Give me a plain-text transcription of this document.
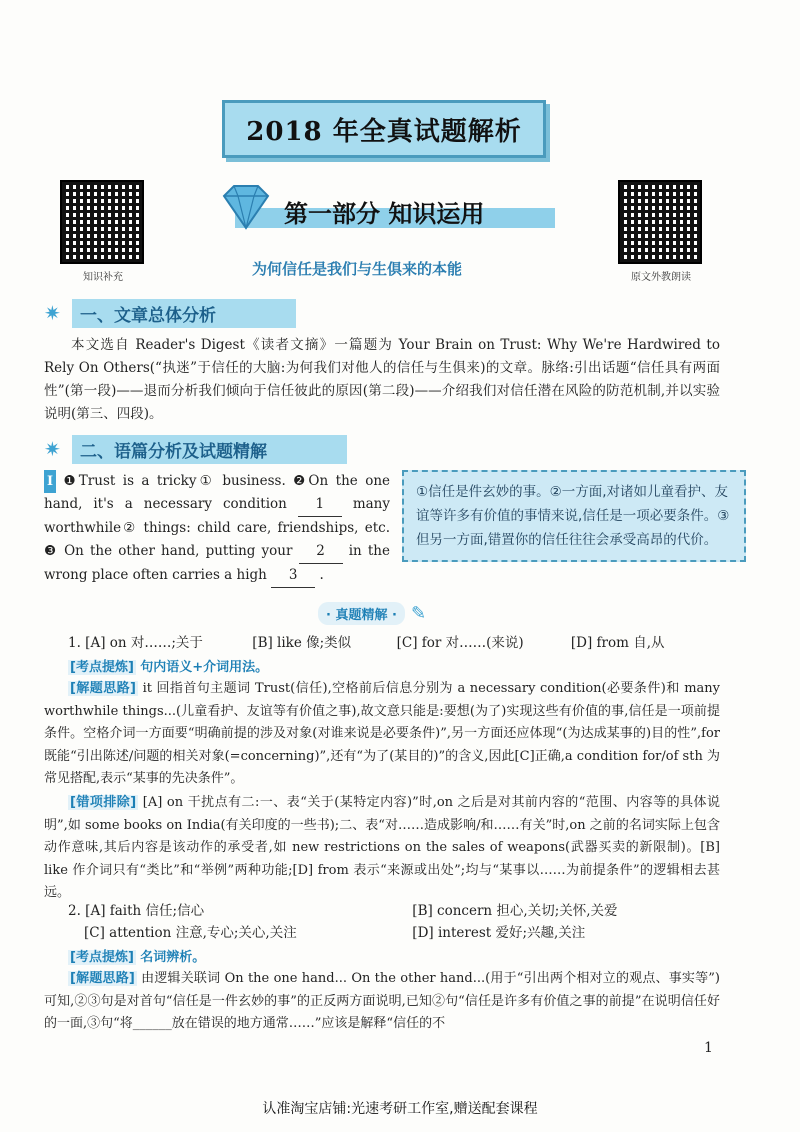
2018 年全真试题解析
知识补充	原文外教朗读
第一部分 知识运用
为何信任是我们与生俱来的本能
✷	一、文章总体分析
本文选自 Reader's Digest《读者文摘》一篇题为 Your Brain on Trust: Why We're Hardwired to Rely On Others(“执迷”于信任的大脑:为何我们对他人的信任与生俱来)的文章。脉络:引出话题“信任具有两面性”(第一段)——退而分析我们倾向于信任彼此的原因(第二段)——介绍我们对信任潜在风险的防范机制,并以实验说明(第三、四段)。
✷	二、语篇分析及试题精解
Ⅰ ❶Trust is a tricky① business. ❷On the one hand, it's a necessary condition 1 many worthwhile② things: child care, friendships, etc. ❸ On the other hand, putting your 2 in the wrong place often carries a high 3 .
①信任是件玄妙的事。②一方面,对诸如儿童看护、友谊等许多有价值的事情来说,信任是一项必要条件。③但另一方面,错置你的信任往往会承受高昂的代价。
· 真题精解 · ✎
1. [A] on 对……;关于	[B] like 像;类似	[C] for 对……(来说)	[D] from 自,从
[考点提炼] 句内语义+介词用法。
[解题思路] it 回指首句主题词 Trust(信任),空格前后信息分别为 a necessary condition(必要条件)和 many worthwhile things...(儿童看护、友谊等有价值之事),故文意只能是:要想(为了)实现这些有价值的事,信任是一项前提条件。空格介词一方面要“明确前提的涉及对象(对谁来说是必要条件)”,另一方面还应体现“(为达成某事的)目的性”,for 既能“引出陈述/问题的相关对象(=concerning)”,还有“为了(某目的)”的含义,因此[C]正确,a condition for/of sth 为常见搭配,表示“某事的先决条件”。
[错项排除] [A] on 干扰点有二:一、表“关于(某特定内容)”时,on 之后是对其前内容的“范围、内容等的具体说明”,如 some books on India(有关印度的一些书);二、表“对……造成影响/和……有关”时,on 之前的名词实际上包含动作意味,其后内容是该动作的承受者,如 new restrictions on the sales of weapons(武器买卖的新限制)。[B] like 作介词只有“类比”和“举例”两种功能;[D] from 表示“来源或出处”;均与“某事以……为前提条件”的逻辑相去甚远。
2. [A] faith 信任;信心	[B] concern 担心,关切;关怀,关爱
[C] attention 注意,专心;关心,关注	[D] interest 爱好;兴趣,关注
[考点提炼] 名词辨析。
[解题思路] 由逻辑关联词 On the one hand... On the other hand...(用于“引出两个相对立的观点、事实等”)可知,②③句是对首句“信任是一件玄妙的事”的正反两方面说明,已知②句“信任是许多有价值之事的前提”在说明信任好的一面,③句“将______放在错误的地方通常……”应该是解释“信任的不
1
认准淘宝店铺:光速考研工作室,赠送配套课程
